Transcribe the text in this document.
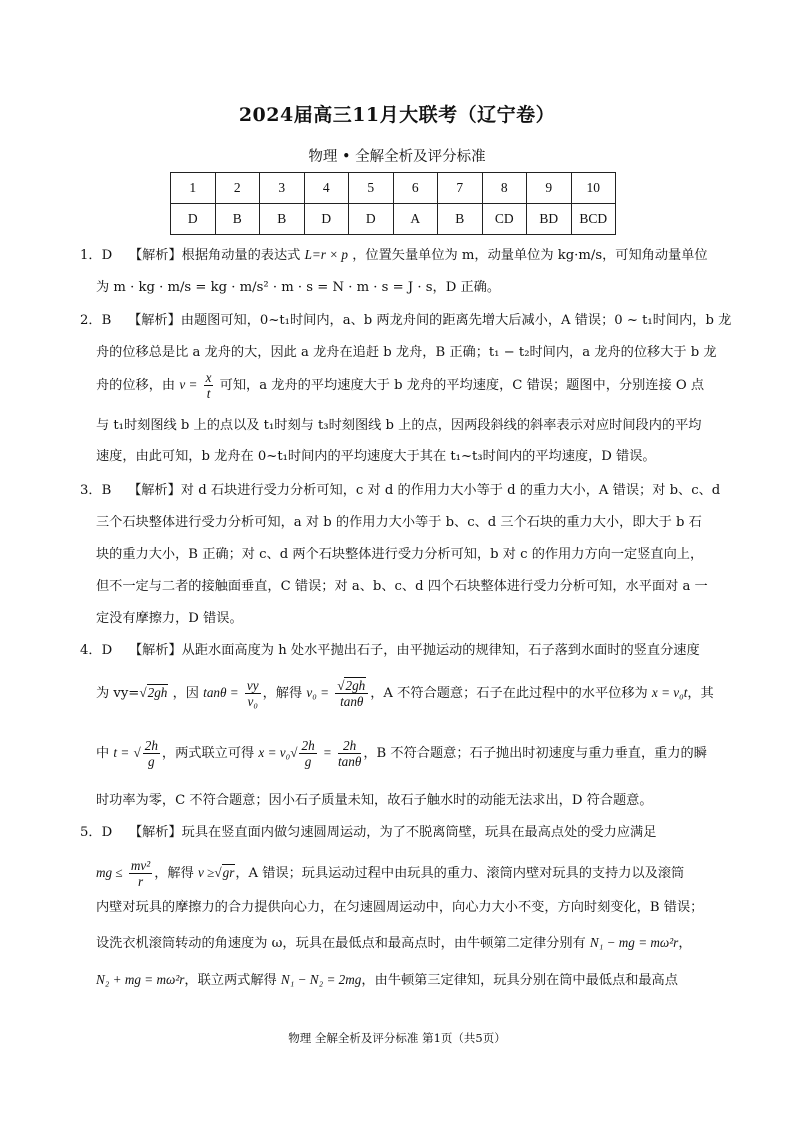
2024届高三11月大联考（辽宁卷）
物理 • 全解全析及评分标准
1	2	3	4	5	6	7	8	9	10
D	B	B	D	D	A	B	CD	BD	BCD
1．D 【解析】根据角动量的表达式 L=r × p ，位置矢量单位为 m，动量单位为 kg·m/s，可知角动量单位
为 m · kg · m/s = kg · m/s² · m · s = N · m · s = J · s，D 正确。
2．B 【解析】由题图可知，0~t₁时间内，a、b 两龙舟间的距离先增大后减小，A 错误；0 ~ t₁时间内，b 龙
舟的位移总是比 a 龙舟的大，因此 a 龙舟在追赶 b 龙舟，B 正确；t₁ − t₂时间内，a 龙舟的位移大于 b 龙
舟的位移，由 $v = \frac{x}{t}$ 可知，a 龙舟的平均速度大于 b 龙舟的平均速度，C 错误；题图中，分别连接 O 点
与 t₁时刻图线 b 上的点以及 t₁时刻与 t₃时刻图线 b 上的点，因两段斜线的斜率表示对应时间段内的平均
速度，由此可知，b 龙舟在 0~t₁时间内的平均速度大于其在 t₁~t₃时间内的平均速度，D 错误。
3．B 【解析】对 d 石块进行受力分析可知，c 对 d 的作用力大小等于 d 的重力大小，A 错误；对 b、c、d
三个石块整体进行受力分析可知，a 对 b 的作用力大小等于 b、c、d 三个石块的重力大小，即大于 b 石
块的重力大小，B 正确；对 c、d 两个石块整体进行受力分析可知，b 对 c 的作用力方向一定竖直向上，
但不一定与二者的接触面垂直，C 错误；对 a、b、c、d 四个石块整体进行受力分析可知，水平面对 a 一
定没有摩擦力，D 错误。
4．D 【解析】从距水面高度为 h 处水平抛出石子，由平抛运动的规律知，石子落到水面时的竖直分速度
为 vy=√2gh ，因 $\tan\theta = \frac{vy}{\text{v₀}}$ ，解得 $v_0 = \frac{√2gh}{\tan\theta}$ ，A 不符合题意；石子在此过程中的水平位移为 x = v₀t，其
中 t = √ $\frac{2h}{g}$ ，两式联立可得 $x = v_0√ \frac{2h}{g} = \frac{2h}{\tan\theta}$ ，B 不符合题意；石子抛出时初速度与重力垂直，重力的瞬
时功率为零，C 不符合题意；因小石子质量未知，故石子触水时的动能无法求出，D 符合题意。
5．D 【解析】玩具在竖直面内做匀速圆周运动，为了不脱离筒壁，玩具在最高点处的受力应满足
mg ≤ $\frac{\text{mv²}}{r}$ ，解得 v ≥√gr，A 错误；玩具运动过程中由玩具的重力、滚筒内壁对玩具的支持力以及滚筒
内壁对玩具的摩擦力的合力提供向心力，在匀速圆周运动中，向心力大小不变，方向时刻变化，B 错误；
设洗衣机滚筒转动的角速度为 ω，玩具在最低点和最高点时，由牛顿第二定律分别有 N₁ − mg = mω²r，
N₂ + mg = mω²r，联立两式解得 N₁ − N₂ = 2mg，由牛顿第三定律知，玩具分别在筒中最低点和最高点
物理 全解全析及评分标准 第1页（共5页）
